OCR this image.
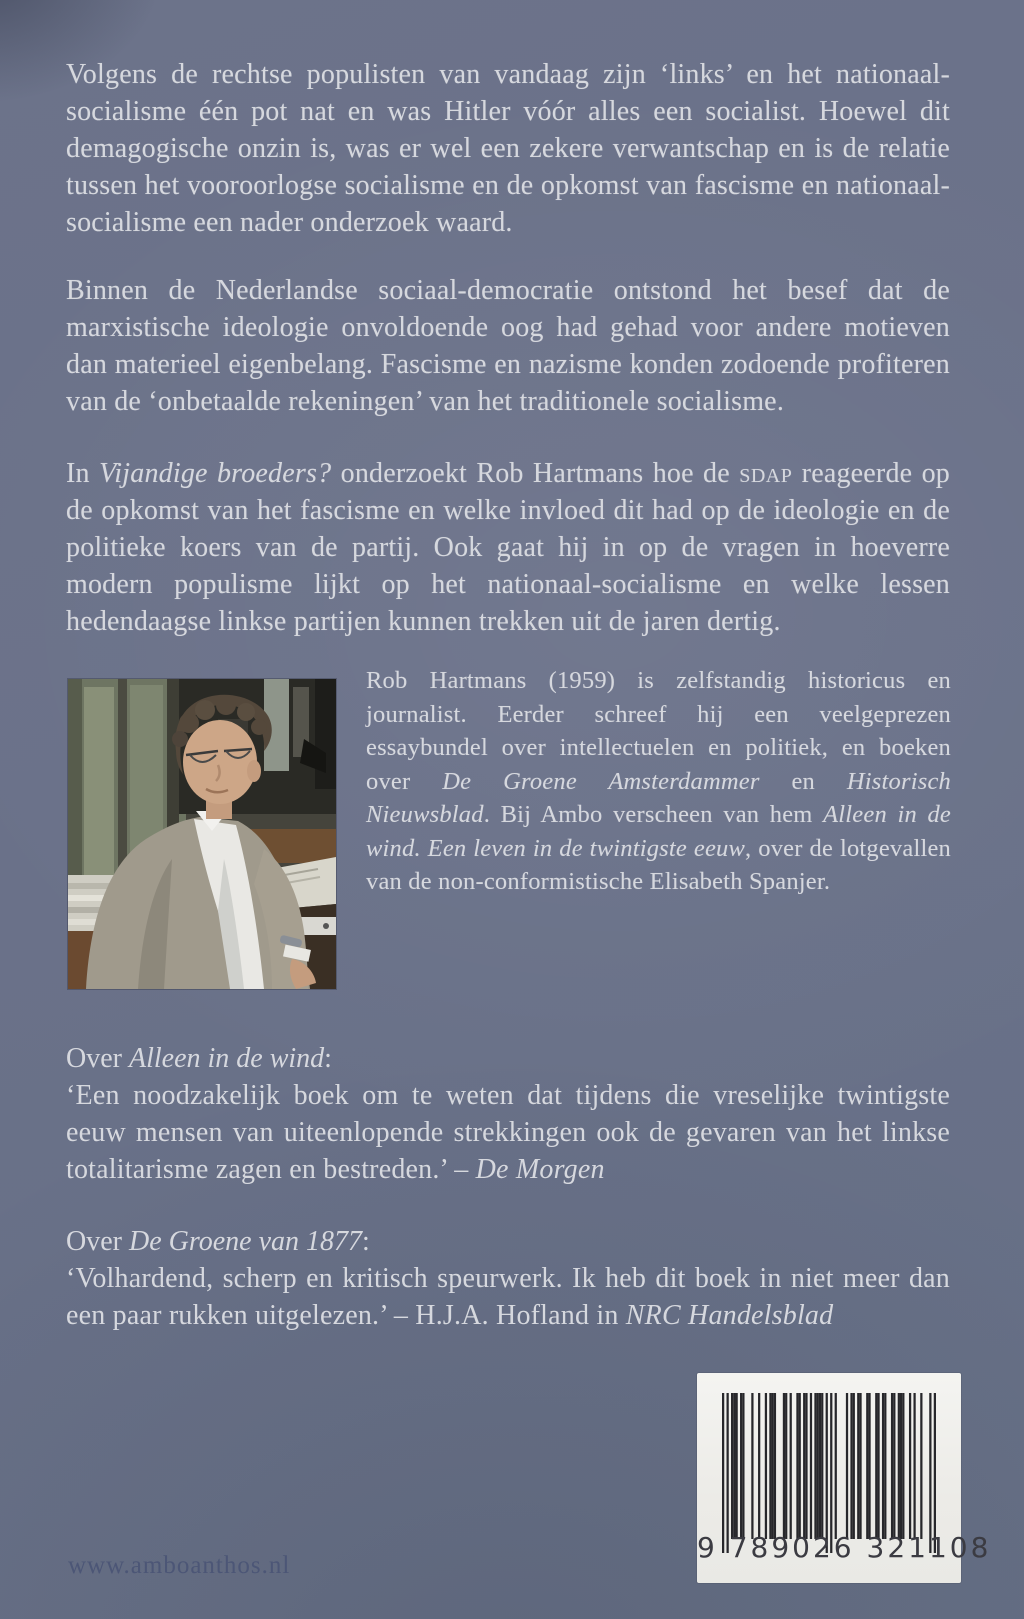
Volgens de rechtse populisten van vandaag zijn ‘links’ en het nationaal-socialisme één pot nat en was Hitler vóór alles een socialist. Hoewel dit demagogische onzin is, was er wel een zekere verwantschap en is de relatie tussen het vooroorlogse socialisme en de opkomst van fascisme en nationaal-socialisme een nader onderzoek waard.
Binnen de Nederlandse sociaal-democratie ontstond het besef dat de marxistische ideologie onvoldoende oog had gehad voor andere motieven dan materieel eigenbelang. Fascisme en nazisme konden zodoende profiteren van de ‘onbetaalde rekeningen’ van het traditionele socialisme.
In Vijandige broeders? onderzoekt Rob Hartmans hoe de sdap reageerde op de opkomst van het fascisme en welke invloed dit had op de ideologie en de politieke koers van de partij. Ook gaat hij in op de vragen in hoeverre modern populisme lijkt op het nationaal-socialisme en welke lessen hedendaagse linkse partijen kunnen trekken uit de jaren dertig.
Rob Hartmans (1959) is zelfstandig historicus en journalist. Eerder schreef hij een veelgeprezen essaybundel over intellectuelen en politiek, en boeken over De Groene Amsterdammer en Historisch Nieuwsblad. Bij Ambo verscheen van hem Alleen in de wind. Een leven in de twintigste eeuw, over de lotgevallen van de non-conformistische Elisabeth Spanjer.
Over Alleen in de wind:
‘Een noodzakelijk boek om te weten dat tijdens die vreselijke twintigste eeuw mensen van uiteenlopende strekkingen ook de gevaren van het linkse totalitarisme zagen en bestreden.’ – De Morgen
Over De Groene van 1877:
‘Volhardend, scherp en kritisch speurwerk. Ik heb dit boek in niet meer dan een paar rukken uitgelezen.’ – H.J.A. Hofland in NRC Handelsblad
www.amboanthos.nl
9 789026 321108
